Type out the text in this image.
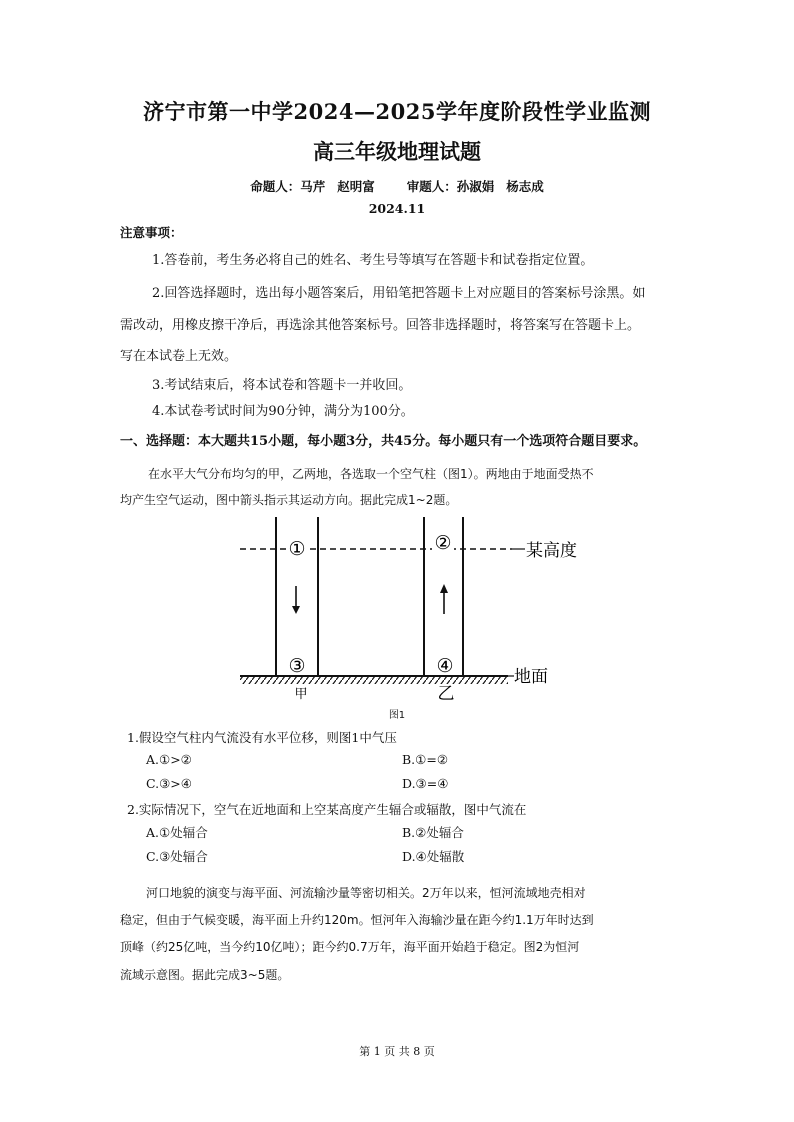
济宁市第一中学2024—2025学年度阶段性学业监测
高三年级地理试题
命题人：马芹 赵明富	审题人：孙淑娟 杨志成
2024.11
注意事项：
1.答卷前，考生务必将自己的姓名、考生号等填写在答题卡和试卷指定位置。
2.回答选择题时，选出每小题答案后，用铅笔把答题卡上对应题目的答案标号涂黑。如
需改动，用橡皮擦干净后，再选涂其他答案标号。回答非选择题时，将答案写在答题卡上。
写在本试卷上无效。
3.考试结束后，将本试卷和答题卡一并收回。
4.本试卷考试时间为90分钟，满分为100分。
一、选择题：本大题共15小题，每小题3分，共45分。每小题只有一个选项符合题目要求。
在水平大气分布均匀的甲，乙两地，各选取一个空气柱（图1）。两地由于地面受热不
均产生空气运动，图中箭头指示其运动方向。据此完成1~2题。
某高度
地面
①
③
甲
②
④
乙
图1
1.假设空气柱内气流没有水平位移，则图1中气压
A.①>②	B.①=②
C.③>④	D.③=④
2.实际情况下，空气在近地面和上空某高度产生辐合或辐散，图中气流在
A.①处辐合	B.②处辐合
C.③处辐合	D.④处辐散
河口地貌的演变与海平面、河流输沙量等密切相关。2万年以来，恒河流域地壳相对
稳定，但由于气候变暖，海平面上升约120m。恒河年入海输沙量在距今约1.1万年时达到
顶峰（约25亿吨，当今约10亿吨）；距今约0.7万年，海平面开始趋于稳定。图2为恒河
流域示意图。据此完成3~5题。
第 1 页 共 8 页
